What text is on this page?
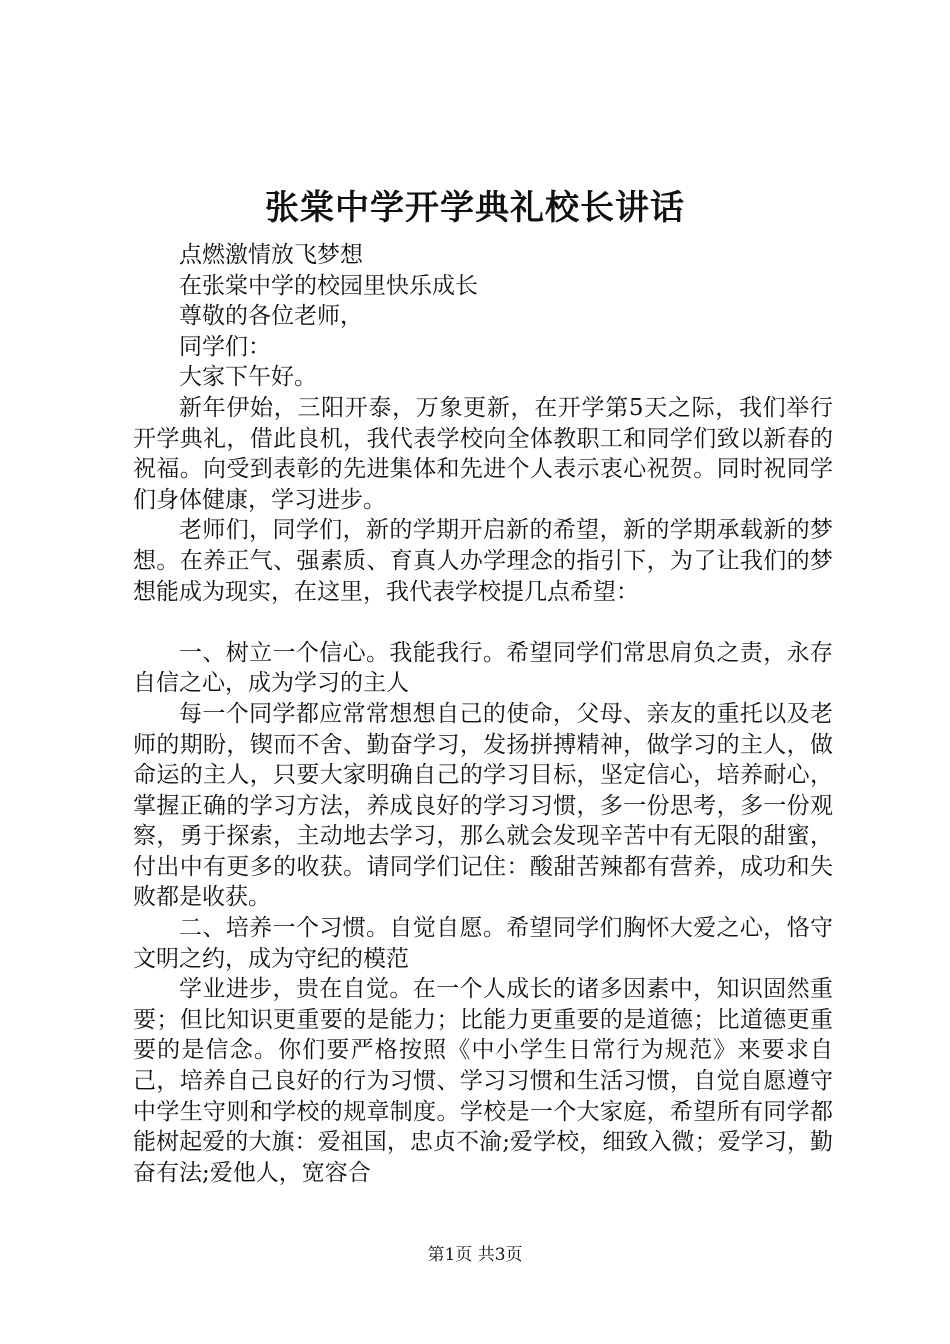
张棠中学开学典礼校长讲话

点燃激情放飞梦想

在张棠中学的校园里快乐成长

尊敬的各位老师，

同学们：

大家下午好。

新年伊始，三阳开泰，万象更新，在开学第5天之际，我们举行开学典礼，借此良机，我代表学校向全体教职工和同学们致以新春的祝福。向受到表彰的先进集体和先进个人表示衷心祝贺。同时祝同学们身体健康，学习进步。

老师们，同学们，新的学期开启新的希望，新的学期承载新的梦想。在养正气、强素质、育真人办学理念的指引下，为了让我们的梦想能成为现实，在这里，我代表学校提几点希望：

一、树立一个信心。我能我行。希望同学们常思肩负之责，永存自信之心，成为学习的主人

每一个同学都应常常想想自己的使命，父母、亲友的重托以及老师的期盼，锲而不舍、勤奋学习，发扬拼搏精神，做学习的主人，做命运的主人，只要大家明确自己的学习目标，坚定信心，培养耐心，掌握正确的学习方法，养成良好的学习习惯，多一份思考，多一份观察，勇于探索，主动地去学习，那么就会发现辛苦中有无限的甜蜜，付出中有更多的收获。请同学们记住：酸甜苦辣都有营养，成功和失败都是收获。

二、培养一个习惯。自觉自愿。希望同学们胸怀大爱之心，恪守文明之约，成为守纪的模范

学业进步，贵在自觉。在一个人成长的诸多因素中，知识固然重要；但比知识更重要的是能力；比能力更重要的是道德；比道德更重要的是信念。你们要严格按照《中小学生日常行为规范》来要求自己，培养自己良好的行为习惯、学习习惯和生活习惯，自觉自愿遵守中学生守则和学校的规章制度。学校是一个大家庭，希望所有同学都能树起爱的大旗：爱祖国，忠贞不渝;爱学校，细致入微；爱学习，勤奋有法;爱他人，宽容合

第1页 共3页
